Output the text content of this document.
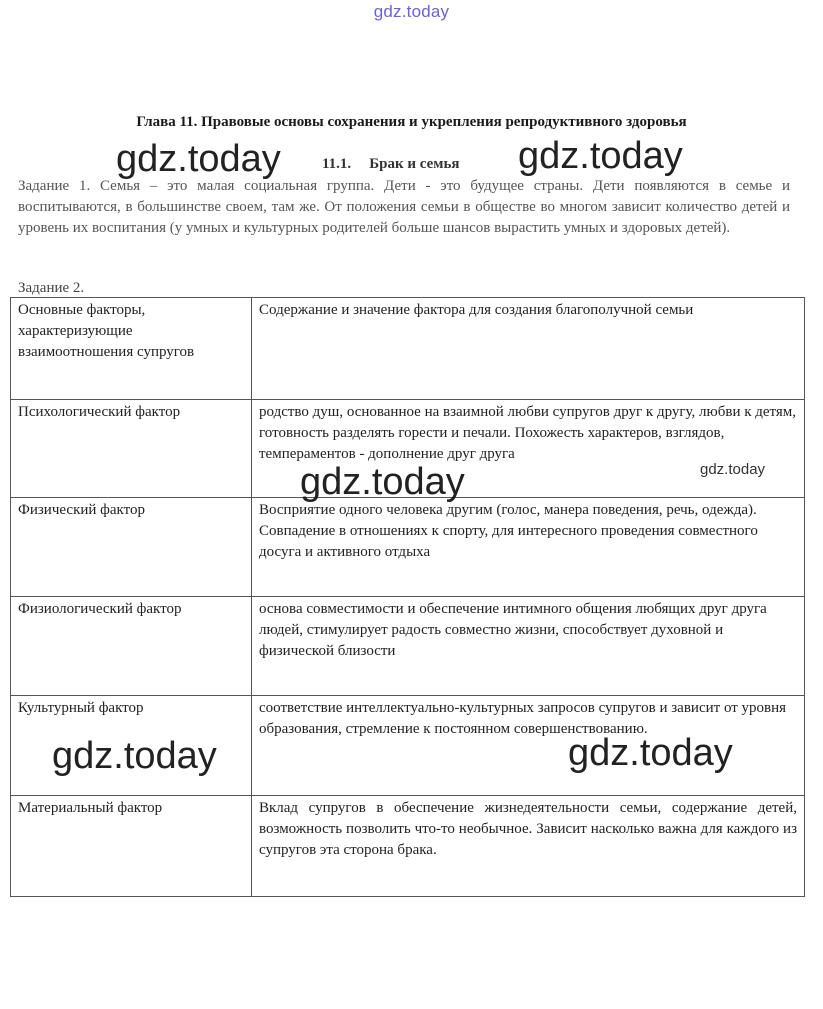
gdz.today
Глава 11. Правовые основы сохранения и укрепления репродуктивного здоровья
11.1. Брак и семья
Задание 1. Семья – это малая социальная группа. Дети - это будущее страны. Дети появляются в семье и воспитываются, в большинстве своем, там же. От положения семьи в обществе во многом зависит количество детей и уровень их воспитания (у умных и культурных родителей больше шансов вырастить умных и здоровых детей).
Задание 2.
Основные факторы, характеризующие взаимоотношения супругов	Содержание и значение фактора для создания благополучной семьи
Психологический фактор	родство душ, основанное на взаимной любви супругов друг к другу, любви к детям, готовность разделять горести и печали. Похожесть характеров, взглядов, темпераментов - дополнение друг друга
Физический фактор	Восприятие одного человека другим (голос, манера поведения, речь, одежда). Совпадение в отношениях к спорту, для интересного проведения совместного досуга и активного отдыха
Физиологический фактор	основа совместимости и обеспечение интимного общения любящих друг друга людей, стимулирует радость совместно жизни, способствует духовной и физической близости
Культурный фактор	соответствие интеллектуально-культурных запросов супругов и зависит от уровня образования, стремление к постоянном совершенствованию.
Материальный фактор	Вклад супругов в обеспечение жизнедеятельности семьи, содержание детей, возможность позволить что-то необычное. Зависит насколько важна для каждого из супругов эта сторона брака.
gdz.today	gdz.today
gdz.today	gdz.today
gdz.today	gdz.today
